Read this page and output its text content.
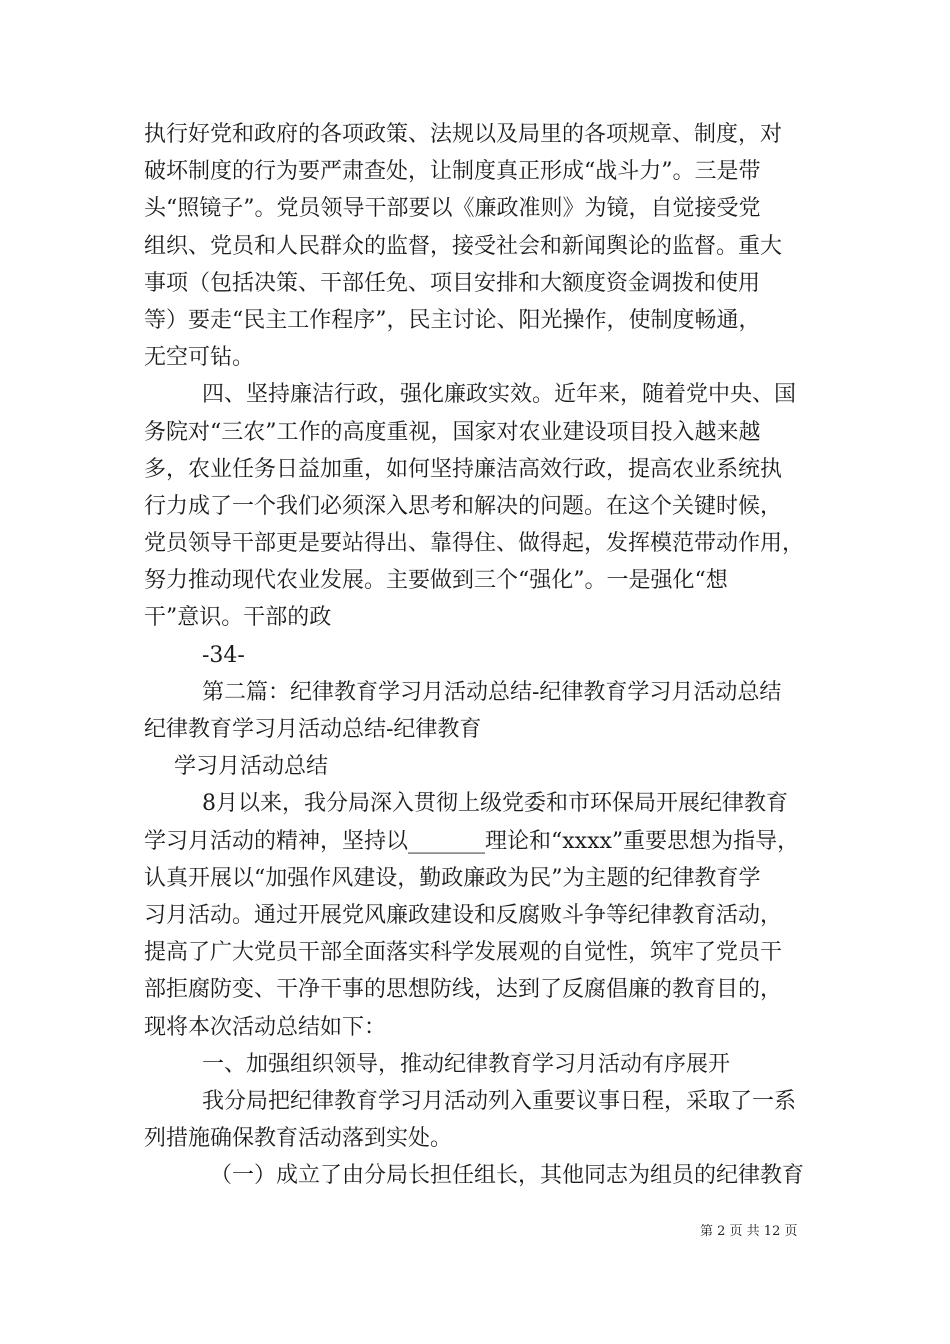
执行好党和政府的各项政策、法规以及局里的各项规章、制度，对
破坏制度的行为要严肃查处，让制度真正形成“战斗力”。三是带
头“照镜子”。党员领导干部要以《廉政准则》为镜，自觉接受党
组织、党员和人民群众的监督，接受社会和新闻舆论的监督。重大
事项（包括决策、干部任免、项目安排和大额度资金调拨和使用
等）要走“民主工作程序”，民主讨论、阳光操作，使制度畅通，
无空可钻。
四、坚持廉洁行政，强化廉政实效。近年来，随着党中央、国
务院对“三农”工作的高度重视，国家对农业建设项目投入越来越
多，农业任务日益加重，如何坚持廉洁高效行政，提高农业系统执
行力成了一个我们必须深入思考和解决的问题。在这个关键时候，
党员领导干部更是要站得出、靠得住、做得起，发挥模范带动作用，
努力推动现代农业发展。主要做到三个“强化”。一是强化“想
干”意识。干部的政
-34-
第二篇：纪律教育学习月活动总结-纪律教育学习月活动总结
纪律教育学习月活动总结-纪律教育
学习月活动总结
8月以来，我分局深入贯彻上级党委和市环保局开展纪律教育
学习月活动的精神，坚持以_______理论和“xxxx”重要思想为指导，
认真开展以“加强作风建设，勤政廉政为民”为主题的纪律教育学
习月活动。通过开展党风廉政建设和反腐败斗争等纪律教育活动，
提高了广大党员干部全面落实科学发展观的自觉性，筑牢了党员干
部拒腐防变、干净干事的思想防线，达到了反腐倡廉的教育目的，
现将本次活动总结如下：
一、加强组织领导，推动纪律教育学习月活动有序展开
我分局把纪律教育学习月活动列入重要议事日程，采取了一系
列措施确保教育活动落到实处。
（一）成立了由分局长担任组长，其他同志为组员的纪律教育
第 2 页 共 12 页
